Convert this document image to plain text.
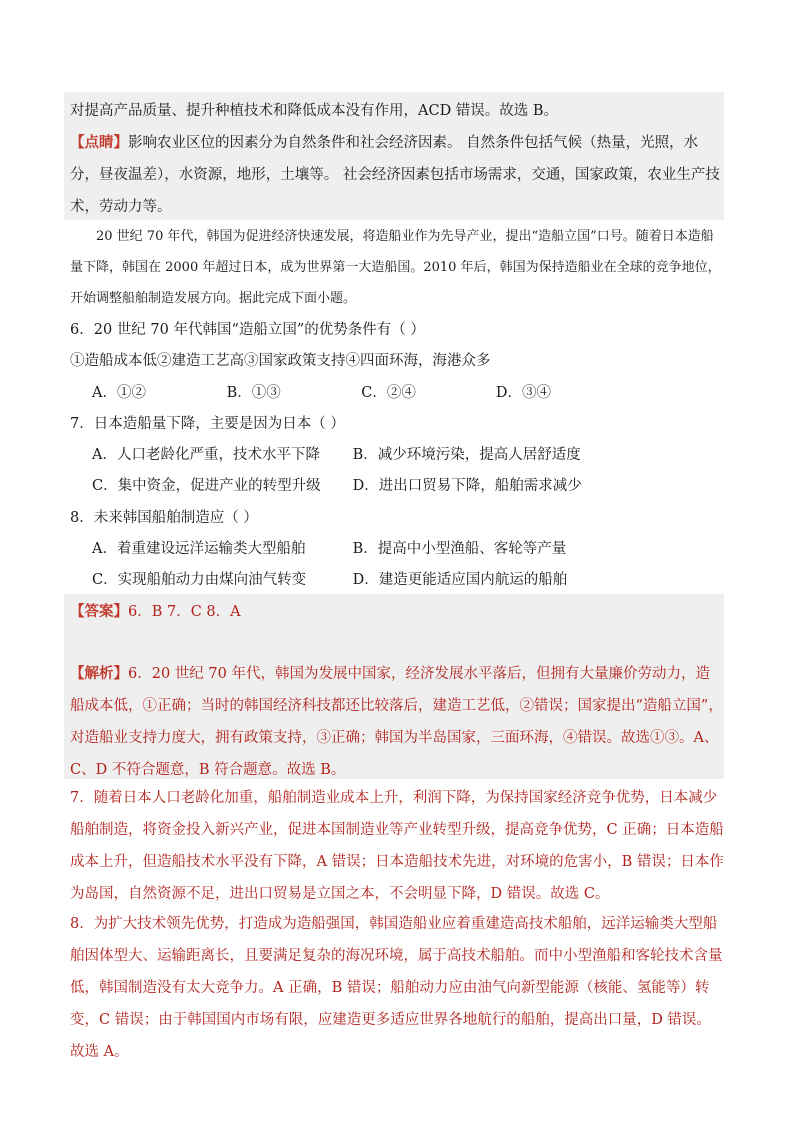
对提高产品质量、提升种植技术和降低成本没有作用，ACD 错误。故选 B。
【点睛】影响农业区位的因素分为自然条件和社会经济因素。 自然条件包括气候（热量，光照，水分，昼夜温差），水资源，地形，土壤等。 社会经济因素包括市场需求，交通，国家政策，农业生产技术，劳动力等。
20 世纪 70 年代，韩国为促进经济快速发展，将造船业作为先导产业，提出“造船立国”口号。随着日本造船量下降，韩国在 2000 年超过日本，成为世界第一大造船国。2010 年后，韩国为保持造船业在全球的竞争地位，开始调整船舶制造发展方向。据此完成下面小题。
6．20 世纪 70 年代韩国“造船立国”的优势条件有（ ）
①造船成本低②建造工艺高③国家政策支持④四面环海，海港众多
A．①②	B．①③	C．②④	D．③④
7．日本造船量下降，主要是因为日本（ ）
A．人口老龄化严重，技术水平下降 B．减少环境污染，提高人居舒适度
C．集中资金，促进产业的转型升级 D．进出口贸易下降，船舶需求减少
8．未来韩国船舶制造应（ ）
A．着重建设远洋运输类大型船舶	B．提高中小型渔船、客轮等产量
C．实现船舶动力由煤向油气转变	D．建造更能适应国内航运的船舶
【答案】6．B 7．C 8．A
【解析】6．20 世纪 70 年代，韩国为发展中国家，经济发展水平落后，但拥有大量廉价劳动力，造船成本低，①正确；当时的韩国经济科技都还比较落后，建造工艺低，②错误；国家提出“造船立国”，对造船业支持力度大，拥有政策支持，③正确；韩国为半岛国家，三面环海，④错误。故选①③。A、C、D 不符合题意，B 符合题意。故选 B。
7．随着日本人口老龄化加重，船舶制造业成本上升，利润下降，为保持国家经济竞争优势，日本减少船舶制造，将资金投入新兴产业，促进本国制造业等产业转型升级，提高竞争优势，C 正确；日本造船成本上升，但造船技术水平没有下降，A 错误；日本造船技术先进，对环境的危害小，B 错误；日本作为岛国，自然资源不足，进出口贸易是立国之本，不会明显下降，D 错误。故选 C。
8．为扩大技术领先优势，打造成为造船强国，韩国造船业应着重建造高技术船舶，远洋运输类大型船舶因体型大、运输距离长，且要满足复杂的海况环境，属于高技术船舶。而中小型渔船和客轮技术含量低，韩国制造没有太大竞争力。A 正确，B 错误；船舶动力应由油气向新型能源（核能、氢能等）转变，C 错误；由于韩国国内市场有限，应建造更多适应世界各地航行的船舶，提高出口量，D 错误。故选 A。
